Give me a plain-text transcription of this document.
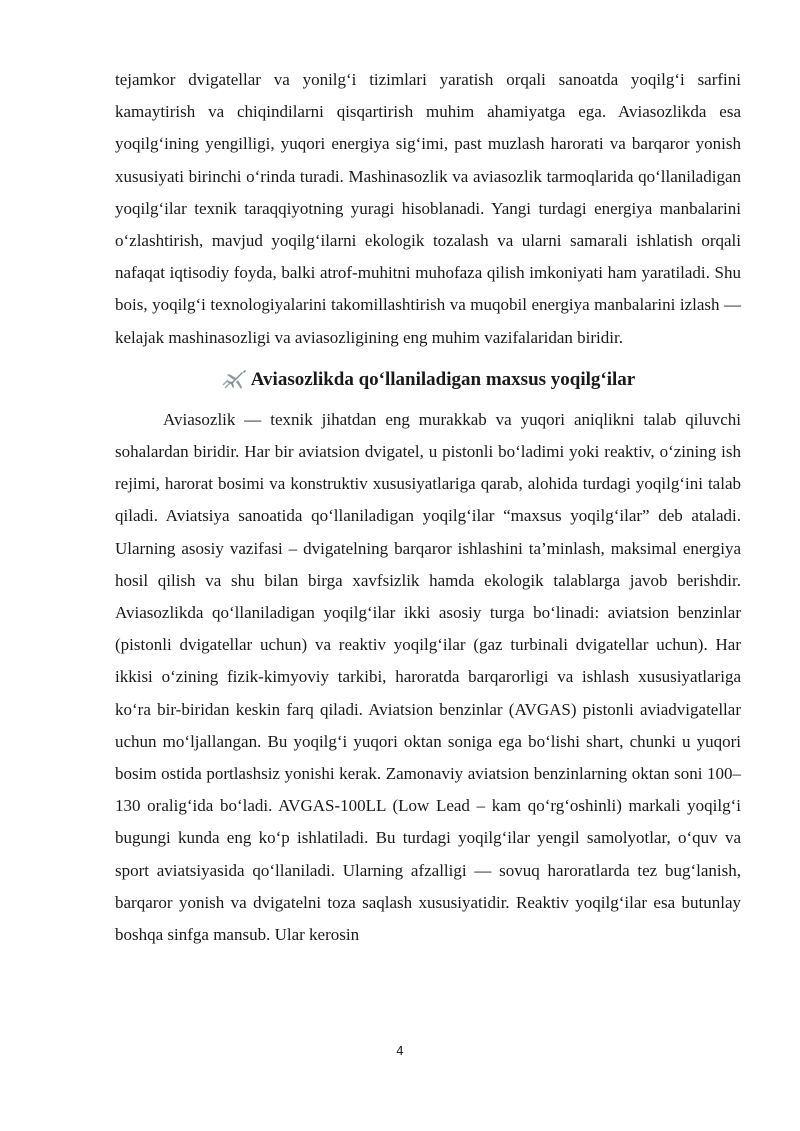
tejamkor dvigatellar va yonilg‘i tizimlari yaratish orqali sanoatda yoqilg‘i sarfini kamaytirish va chiqindilarni qisqartirish muhim ahamiyatga ega. Aviasozlikda esa yoqilg‘ining yengilligi, yuqori energiya sig‘imi, past muzlash harorati va barqaror yonish xususiyati birinchi o‘rinda turadi. Mashinasozlik va aviasozlik tarmoqlarida qo‘llaniladigan yoqilg‘ilar texnik taraqqiyotning yuragi hisoblanadi. Yangi turdagi energiya manbalarini o‘zlashtirish, mavjud yoqilg‘ilarni ekologik tozalash va ularni samarali ishlatish orqali nafaqat iqtisodiy foyda, balki atrof-muhitni muhofaza qilish imkoniyati ham yaratiladi. Shu bois, yoqilg‘i texnologiyalarini takomillashtirish va muqobil energiya manbalarini izlash — kelajak mashinasozligi va aviasozligining eng muhim vazifalaridan biridir.

Aviasozlikda qo‘llaniladigan maxsus yoqilg‘ilar

Aviasozlik — texnik jihatdan eng murakkab va yuqori aniqlikni talab qiluvchi sohalardan biridir. Har bir aviatsion dvigatel, u pistonli bo‘ladimi yoki reaktiv, o‘zining ish rejimi, harorat bosimi va konstruktiv xususiyatlariga qarab, alohida turdagi yoqilg‘ini talab qiladi. Aviatsiya sanoatida qo‘llaniladigan yoqilg‘ilar “maxsus yoqilg‘ilar” deb ataladi. Ularning asosiy vazifasi – dvigatelning barqaror ishlashini ta’minlash, maksimal energiya hosil qilish va shu bilan birga xavfsizlik hamda ekologik talablarga javob berishdir. Aviasozlikda qo‘llaniladigan yoqilg‘ilar ikki asosiy turga bo‘linadi: aviatsion benzinlar (pistonli dvigatellar uchun) va reaktiv yoqilg‘ilar (gaz turbinali dvigatellar uchun). Har ikkisi o‘zining fizik-kimyoviy tarkibi, haroratda barqarorligi va ishlash xususiyatlariga ko‘ra bir-biridan keskin farq qiladi. Aviatsion benzinlar (AVGAS) pistonli aviadvigatellar uchun mo‘ljallangan. Bu yoqilg‘i yuqori oktan soniga ega bo‘lishi shart, chunki u yuqori bosim ostida portlashsiz yonishi kerak. Zamonaviy aviatsion benzinlarning oktan soni 100–130 oralig‘ida bo‘ladi. AVGAS-100LL (Low Lead – kam qo‘rg‘oshinli) markali yoqilg‘i bugungi kunda eng ko‘p ishlatiladi. Bu turdagi yoqilg‘ilar yengil samolyotlar, o‘quv va sport aviatsiyasida qo‘llaniladi. Ularning afzalligi — sovuq haroratlarda tez bug‘lanish, barqaror yonish va dvigatelni toza saqlash xususiyatidir. Reaktiv yoqilg‘ilar esa butunlay boshqa sinfga mansub. Ular kerosin

4
